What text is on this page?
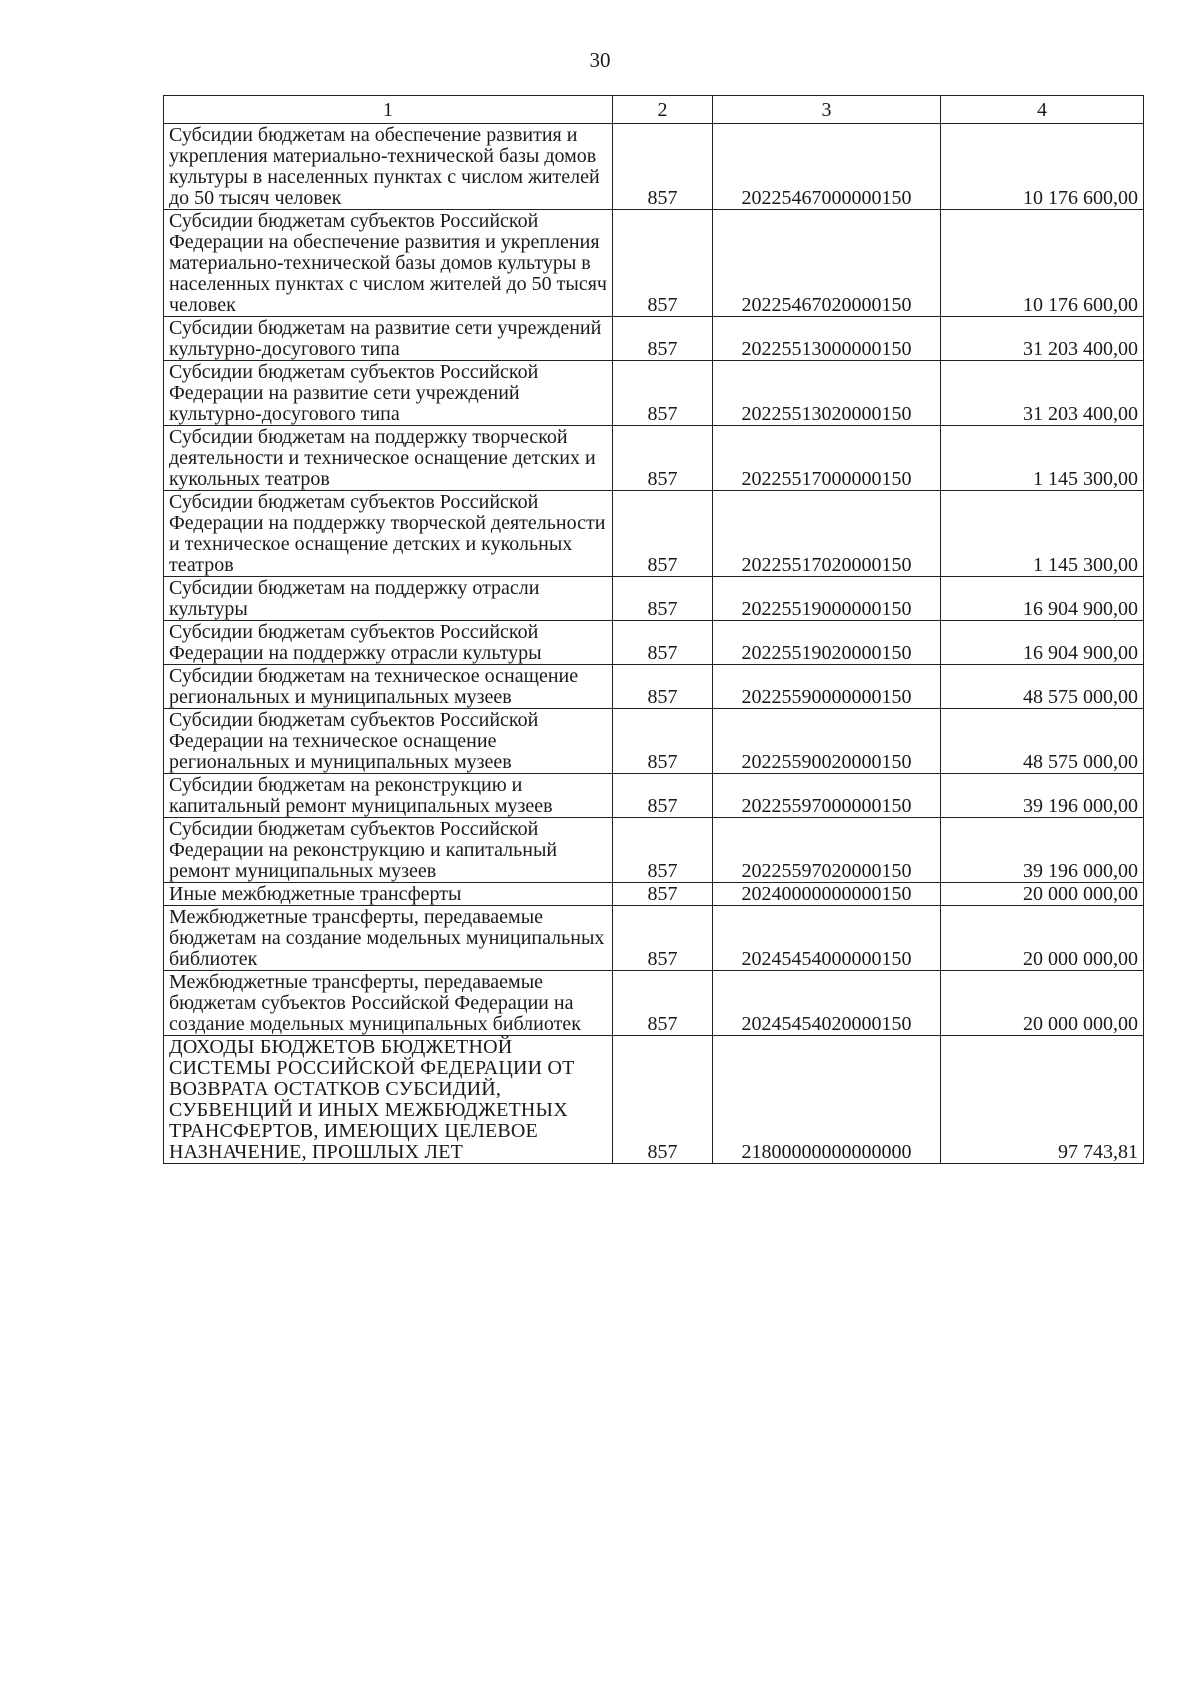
30
1	2	3	4
Субсидии бюджетам на обеспечение развития и укрепления материально-технической базы домов культуры в населенных пунктах с числом жителей до 50 тысяч человек	857	20225467000000150	10 176 600,00
Субсидии бюджетам субъектов Российской Федерации на обеспечение развития и укрепления материально-технической базы домов культуры в населенных пунктах с числом жителей до 50 тысяч человек	857	20225467020000150	10 176 600,00
Субсидии бюджетам на развитие сети учреждений культурно-досугового типа	857	20225513000000150	31 203 400,00
Субсидии бюджетам субъектов Российской Федерации на развитие сети учреждений культурно-досугового типа	857	20225513020000150	31 203 400,00
Субсидии бюджетам на поддержку творческой деятельности и техническое оснащение детских и кукольных театров	857	20225517000000150	1 145 300,00
Субсидии бюджетам субъектов Российской Федерации на поддержку творческой деятельности и техническое оснащение детских и кукольных театров	857	20225517020000150	1 145 300,00
Субсидии бюджетам на поддержку отрасли культуры	857	20225519000000150	16 904 900,00
Субсидии бюджетам субъектов Российской Федерации на поддержку отрасли культуры	857	20225519020000150	16 904 900,00
Субсидии бюджетам на техническое оснащение региональных и муниципальных музеев	857	20225590000000150	48 575 000,00
Субсидии бюджетам субъектов Российской Федерации на техническое оснащение региональных и муниципальных музеев	857	20225590020000150	48 575 000,00
Субсидии бюджетам на реконструкцию и капитальный ремонт муниципальных музеев	857	20225597000000150	39 196 000,00
Субсидии бюджетам субъектов Российской Федерации на реконструкцию и капитальный ремонт муниципальных музеев	857	20225597020000150	39 196 000,00
Иные межбюджетные трансферты	857	20240000000000150	20 000 000,00
Межбюджетные трансферты, передаваемые бюджетам на создание модельных муниципальных библиотек	857	20245454000000150	20 000 000,00
Межбюджетные трансферты, передаваемые бюджетам субъектов Российской Федерации на создание модельных муниципальных библиотек	857	20245454020000150	20 000 000,00
ДОХОДЫ БЮДЖЕТОВ БЮДЖЕТНОЙ СИСТЕМЫ РОССИЙСКОЙ ФЕДЕРАЦИИ ОТ ВОЗВРАТА ОСТАТКОВ СУБСИДИЙ, СУБВЕНЦИЙ И ИНЫХ МЕЖБЮДЖЕТНЫХ ТРАНСФЕРТОВ, ИМЕЮЩИХ ЦЕЛЕВОЕ НАЗНАЧЕНИЕ, ПРОШЛЫХ ЛЕТ	857	21800000000000000	97 743,81
